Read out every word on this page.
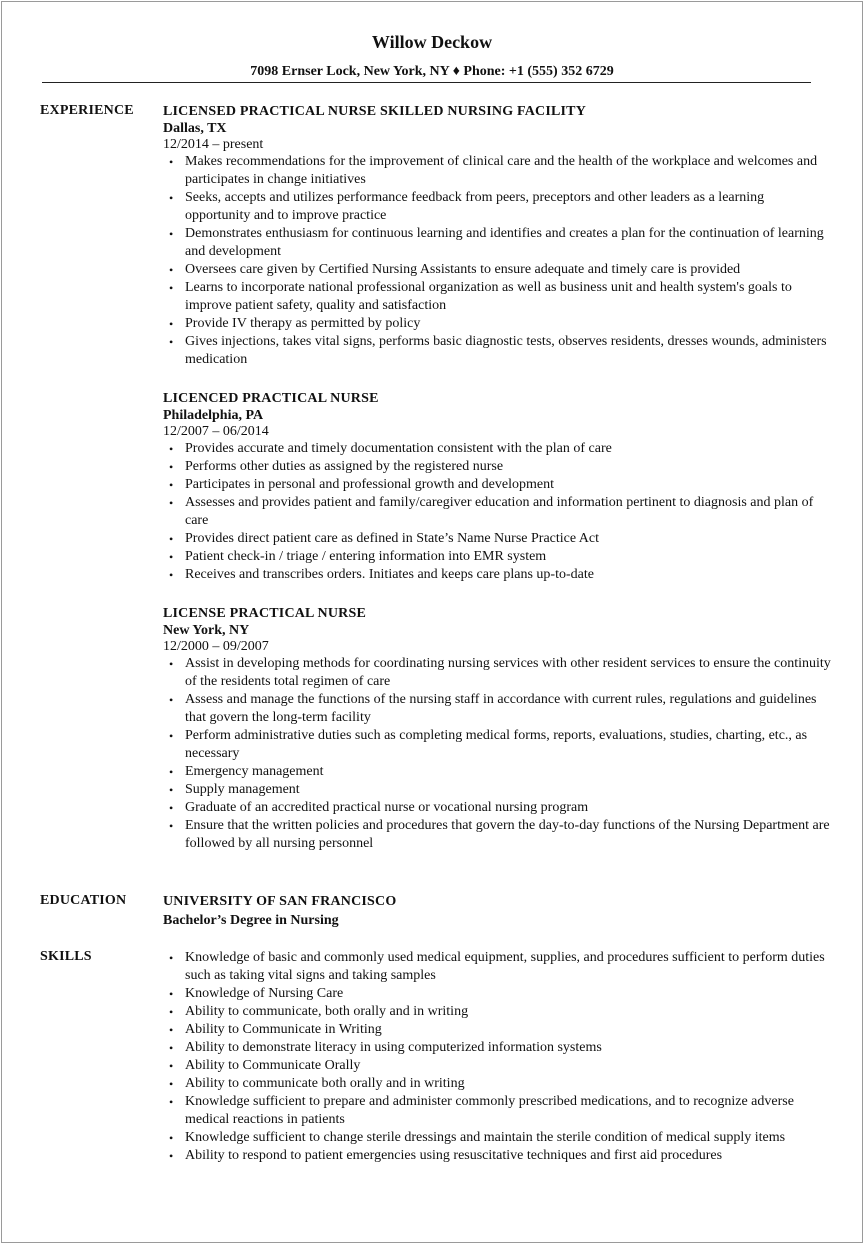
Willow Deckow
7098 Ernser Lock, New York, NY ♦ Phone: +1 (555) 352 6729
EXPERIENCE LICENSED PRACTICAL NURSE SKILLED NURSING FACILITY
Dallas, TX
12/2014 – present
• Makes recommendations for the improvement of clinical care and the health of the workplace and welcomes and participates in change initiatives
• Seeks, accepts and utilizes performance feedback from peers, preceptors and other leaders as a learning opportunity and to improve practice
• Demonstrates enthusiasm for continuous learning and identifies and creates a plan for the continuation of learning and development
• Oversees care given by Certified Nursing Assistants to ensure adequate and timely care is provided
• Learns to incorporate national professional organization as well as business unit and health system's goals to improve patient safety, quality and satisfaction
• Provide IV therapy as permitted by policy
• Gives injections, takes vital signs, performs basic diagnostic tests, observes residents, dresses wounds, administers medication
LICENCED PRACTICAL NURSE
Philadelphia, PA
12/2007 – 06/2014
• Provides accurate and timely documentation consistent with the plan of care
• Performs other duties as assigned by the registered nurse
• Participates in personal and professional growth and development
• Assesses and provides patient and family/caregiver education and information pertinent to diagnosis and plan of care
• Provides direct patient care as defined in State’s Name Nurse Practice Act
• Patient check-in / triage / entering information into EMR system
• Receives and transcribes orders. Initiates and keeps care plans up-to-date
LICENSE PRACTICAL NURSE
New York, NY
12/2000 – 09/2007
• Assist in developing methods for coordinating nursing services with other resident services to ensure the continuity of the residents total regimen of care
• Assess and manage the functions of the nursing staff in accordance with current rules, regulations and guidelines that govern the long-term facility
• Perform administrative duties such as completing medical forms, reports, evaluations, studies, charting, etc., as necessary
• Emergency management
• Supply management
• Graduate of an accredited practical nurse or vocational nursing program
• Ensure that the written policies and procedures that govern the day-to-day functions of the Nursing Department are followed by all nursing personnel
EDUCATION	UNIVERSITY OF SAN FRANCISCO
Bachelor’s Degree in Nursing
SKILLS	• Knowledge of basic and commonly used medical equipment, supplies, and procedures sufficient to perform duties such as taking vital signs and taking samples
• Knowledge of Nursing Care
• Ability to communicate, both orally and in writing
• Ability to Communicate in Writing
• Ability to demonstrate literacy in using computerized information systems
• Ability to Communicate Orally
• Ability to communicate both orally and in writing
• Knowledge sufficient to prepare and administer commonly prescribed medications, and to recognize adverse medical reactions in patients
• Knowledge sufficient to change sterile dressings and maintain the sterile condition of medical supply items
• Ability to respond to patient emergencies using resuscitative techniques and first aid procedures
